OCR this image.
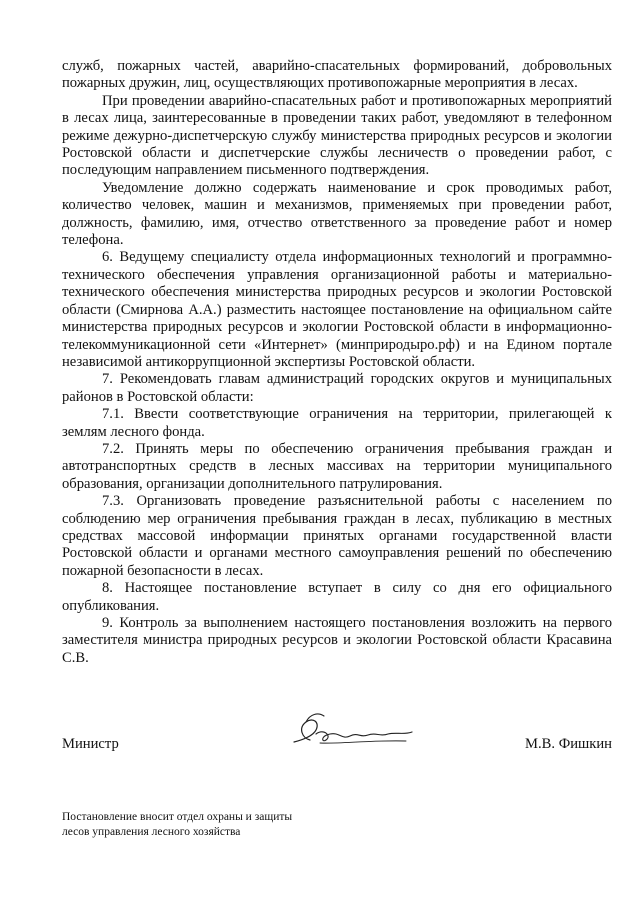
служб, пожарных частей, аварийно-спасательных формирований, добровольных пожарных дружин, лиц, осуществляющих противопожарные мероприятия в лесах.

При проведении аварийно-спасательных работ и противопожарных мероприятий в лесах лица, заинтересованные в проведении таких работ, уведомляют в телефонном режиме дежурно-диспетчерскую службу министерства природных ресурсов и экологии Ростовской области и диспетчерские службы лесничеств о проведении работ, с последующим направлением письменного подтверждения.

Уведомление должно содержать наименование и срок проводимых работ, количество человек, машин и механизмов, применяемых при проведении работ, должность, фамилию, имя, отчество ответственного за проведение работ и номер телефона.

6. Ведущему специалисту отдела информационных технологий и программно-технического обеспечения управления организационной работы и материально-технического обеспечения министерства природных ресурсов и экологии Ростовской области (Смирнова А.А.) разместить настоящее постановление на официальном сайте министерства природных ресурсов и экологии Ростовской области в информационно-телекоммуникационной сети «Интернет» (минприродыро.рф) и на Едином портале независимой антикоррупционной экспертизы Ростовской области.

7. Рекомендовать главам администраций городских округов и муниципальных районов в Ростовской области:

7.1. Ввести соответствующие ограничения на территории, прилегающей к землям лесного фонда.

7.2. Принять меры по обеспечению ограничения пребывания граждан и автотранспортных средств в лесных массивах на территории муниципального образования, организации дополнительного патрулирования.

7.3. Организовать проведение разъяснительной работы с населением по соблюдению мер ограничения пребывания граждан в лесах, публикацию в местных средствах массовой информации принятых органами государственной власти Ростовской области и органами местного самоуправления решений по обеспечению пожарной безопасности в лесах.

8. Настоящее постановление вступает в силу со дня его официального опубликования.

9. Контроль за выполнением настоящего постановления возложить на первого заместителя министра природных ресурсов и экологии Ростовской области Красавина С.В.

Министр	М.В. Фишкин
Постановление вносит отдел охраны и защиты
лесов управления лесного хозяйства
